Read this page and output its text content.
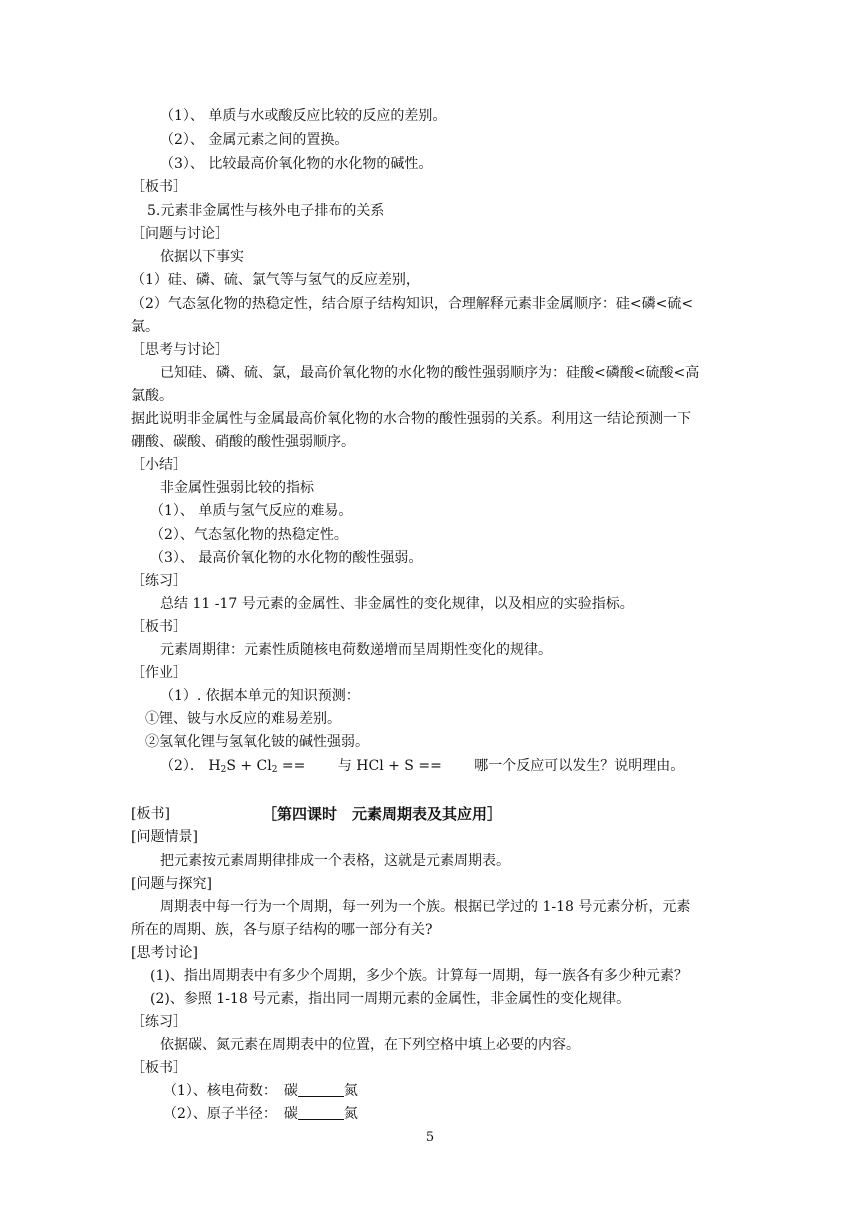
（1）、 单质与水或酸反应比较的反应的差别。
（2）、 金属元素之间的置换。
（3）、 比较最高价氧化物的水化物的碱性。
［板书］
5.元素非金属性与核外电子排布的关系
［问题与讨论］
依据以下事实
（1）硅、磷、硫、氯气等与氢气的反应差别，
（2）气态氢化物的热稳定性，结合原子结构知识，合理解释元素非金属顺序：硅<磷<硫<
氯。
［思考与讨论］
已知硅、磷、硫、氯，最高价氧化物的水化物的酸性强弱顺序为：硅酸<磷酸<硫酸<高
氯酸。
据此说明非金属性与金属最高价氧化物的水合物的酸性强弱的关系。利用这一结论预测一下
硼酸、碳酸、硝酸的酸性强弱顺序。
［小结］
非金属性强弱比较的指标
（1）、 单质与氢气反应的难易。
（2）、气态氢化物的热稳定性。
（3）、 最高价氧化物的水化物的酸性强弱。
［练习］
总结 11 -17 号元素的金属性、非金属性的变化规律，以及相应的实验指标。
［板书］
元素周期律：元素性质随核电荷数递增而呈周期性变化的规律。
［作业］
（1）. 依据本单元的知识预测：
①锂、铍与水反应的难易差别。
②氢氧化锂与氢氧化铍的碱性强弱。
（2）． $H_2S + Cl_2$ ==　　 与 HCl + S ==　　 哪一个反应可以发生？说明理由。
[板书]	［第四课时　元素周期表及其应用］
[问题情景]
把元素按元素周期律排成一个表格，这就是元素周期表。
[问题与探究]
周期表中每一行为一个周期，每一列为一个族。根据已学过的 1-18 号元素分析，元素
所在的周期、族，各与原子结构的哪一部分有关?
[思考讨论]
(1)、指出周期表中有多少个周期，多少个族。计算每一周期，每一族各有多少种元素？
(2)、参照 1-18 号元素，指出同一周期元素的金属性，非金属性的变化规律。
［练习］
依据碳、氮元素在周期表中的位置，在下列空格中填上必要的内容。
［板书］
（1）、核电荷数：　碳	氮
（2）、原子半径：　碳	氮
5
